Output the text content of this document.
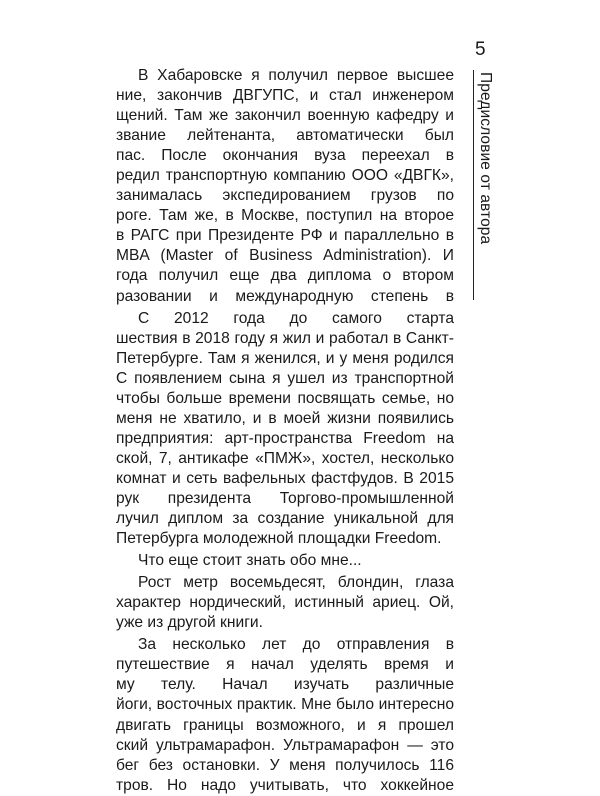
5
Предисловие от автора
В Хабаровске я получил первое высшее
ние, закончив ДВГУПС, и стал инженером
щений. Там же закончил военную кафедру и
звание лейтенанта, автоматически был
пас. После окончания вуза переехал в
редил транспортную компанию ООО «ДВГК»,
занималась экспедированием грузов по
роге. Там же, в Москве, поступил на второе
в РАГС при Президенте РФ и параллельно в
MBA (Master of Business Administration). И
года получил еще два диплома о втором
разовании и международную степень в
С 2012 года до самого старта
шествия в 2018 году я жил и работал в Санкт-
Петербурге. Там я женился, и у меня родился
С появлением сына я ушел из транспортной
чтобы больше времени посвящать семье, но
меня не хватило, и в моей жизни появились
предприятия: арт-пространства Freedom на
ской, 7, антикафе «ПМЖ», хостел, несколько
комнат и сеть вафельных фастфудов. В 2015
рук президента Торгово-промышленной
лучил диплом за создание уникальной для
Петербурга молодежной площадки Freedom.
Что еще стоит знать обо мне...
Рост метр восемьдесят, блондин, глаза
характер нордический, истинный ариец. Ой,
уже из другой книги.
За несколько лет до отправления в
путешествие я начал уделять время и
му телу. Начал изучать различные
йоги, восточных практик. Мне было интересно
двигать границы возможного, и я прошел
ский ультрамарафон. Ультрамарафон — это
бег без остановки. У меня получилось 116
тров. Но надо учитывать, что хоккейное
